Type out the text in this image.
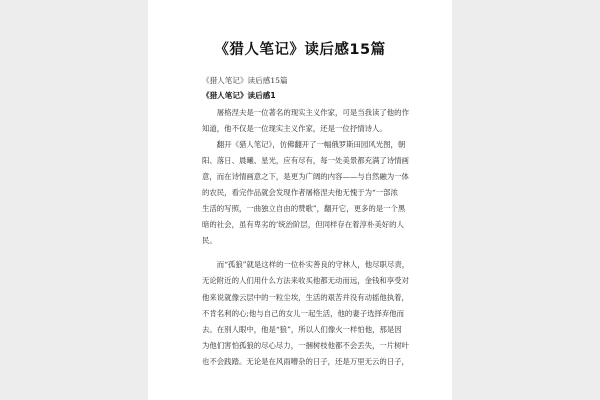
《猎人笔记》读后感15篇
《猎人笔记》读后感15篇
《猎人笔记》读后感1
屠格涅夫是一位著名的现实主义作家，可是当我读了他的作
知道，他不仅是一位现实主义作家，还是一位抒情诗人。
翻开《猎人笔记》，仿佛翻开了一幅俄罗斯田园风光图，朝
阳、落日、晨曦、星光，应有尽有，每一处美景都充满了诗情画
意，而在诗情画意之下，是更为广阔的内容——与自然融为一体
的农民，看完作品就会发现作者屠格涅夫他无愧于为“一部浓
生活的写照，一曲独立自由的赞歌”，翻开它，更多的是一个黑
暗的社会，虽有卑劣的’统治阶层，但同样存在着淳朴美好的人
民。
而“孤狼”就是这样的一位朴实善良的守林人，他尽职尽责，
无论附近的人们用什么方法来收买他都无动而远，金钱和享受对
他来说就像云层中的一粒尘埃，生活的艰苦并没有动摇他执着，
不肯名利的心;他与自己的女儿一起生活，他的妻子选择弃他而
去。在别人眼中，他是“狼”，所以人们像火一样怕他，那是因
为他们害怕孤狼的尽心尽力，一捆树枝他都不会丢失，一片树叶
也不会践踏。无论是在风雨嘈杂的日子，还是万里无云的日子，
